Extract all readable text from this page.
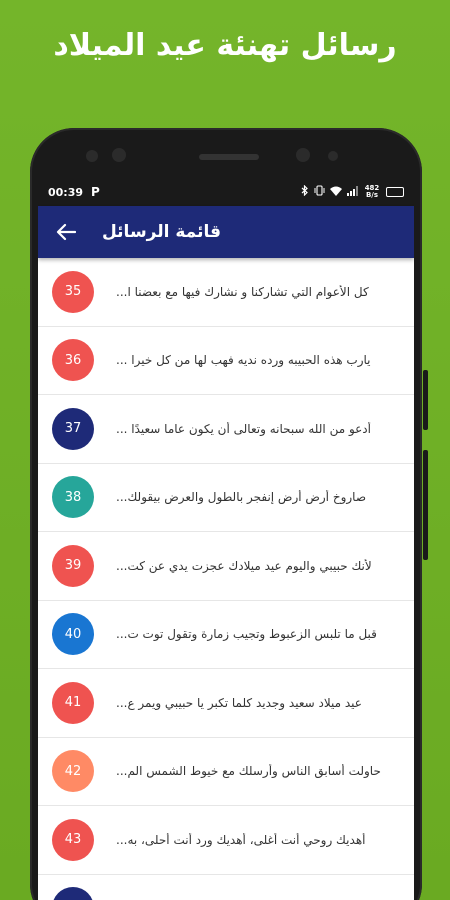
رسائل تهنئة عيد الميلاد
00:39 P	482 B/s
قائمة الرسائل
35	كل الأعوام التي تشاركنا و نشارك فيها مع بعضنا ا...
36	يارب هذه الحبيبه ورده نديه فهب لها من كل خيرا ...
37	أدعو من الله سبحانه وتعالى أن يكون عاما سعيدًا ...
38	صاروخ أرض أرض إنفجر بالطول والعرض بيقولك...
39	لأنك حبيبي واليوم عيد ميلادك عجزت يدي عن كت...
40	قبل ما تلبس الزعبوط وتجيب زمارة وتقول توت ت...
41	عيد ميلاد سعيد وجديد كلما تكبر يا حبيبي ويمر ع...
42	حاولت أسابق الناس وأرسلك مع خيوط الشمس الم...
43	أهديك روحي أنت أغلى، أهديك ورد أنت أحلى، به...
